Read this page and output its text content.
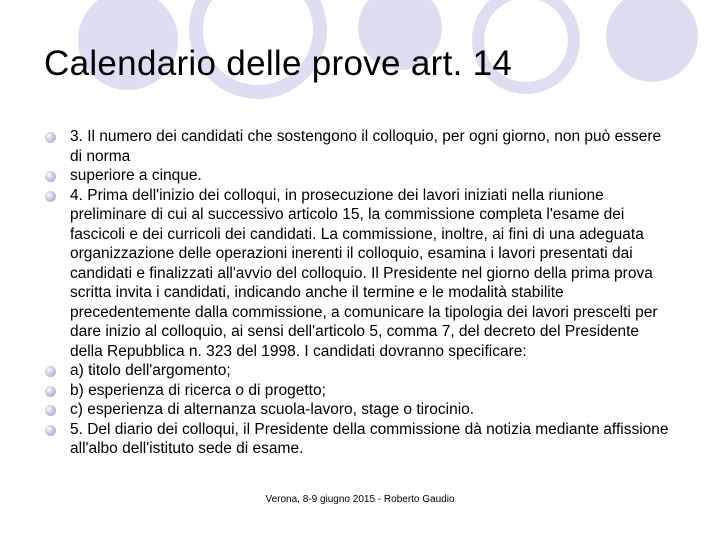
Calendario delle prove art. 14
3. Il numero dei candidati che sostengono il colloquio, per ogni giorno, non può essere di norma
superiore a cinque.
4. Prima dell'inizio dei colloqui, in prosecuzione dei lavori iniziati nella riunione preliminare di cui al successivo articolo 15, la commissione completa l'esame dei fascicoli e dei curricoli dei candidati. La commissione, inoltre, ai fini di una adeguata organizzazione delle operazioni inerenti il colloquio, esamina i lavori presentati dai candidati e finalizzati all'avvio del colloquio. Il Presidente nel giorno della prima prova scritta invita i candidati, indicando anche il termine e le modalità stabilite precedentemente dalla commissione, a comunicare la tipologia dei lavori prescelti per dare inizio al colloquio, ai sensi dell'articolo 5, comma 7, del decreto del Presidente della Repubblica n. 323 del 1998. I candidati dovranno specificare:
a) titolo dell'argomento;
b) esperienza di ricerca o di progetto;
c) esperienza di alternanza scuola-lavoro, stage o tirocinio.
5. Del diario dei colloqui, il Presidente della commissione dà notizia mediante affissione all'albo dell'istituto sede di esame.
Verona, 8-9 giugno 2015 - Roberto Gaudio
